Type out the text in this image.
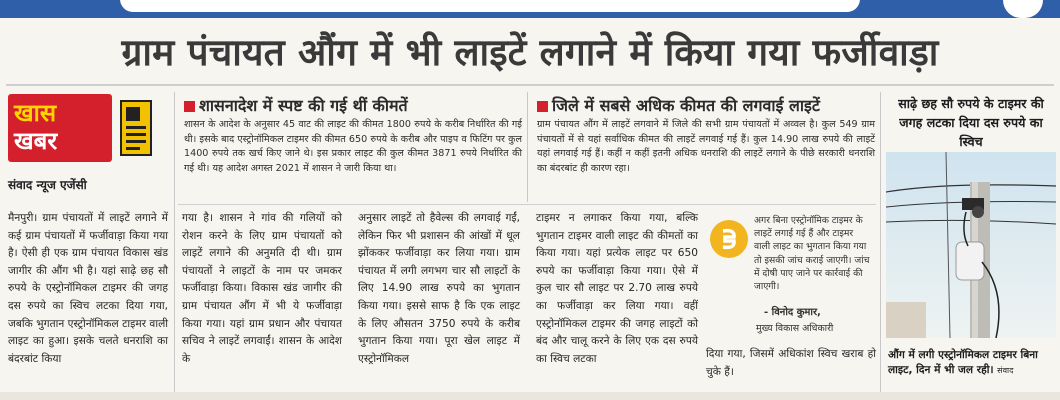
ग्राम पंचायत औंग में भी लाइटें लगाने में किया गया फर्जीवाड़ा
खास
खबर
संवाद न्यूज एजेंसी
शासनादेश में स्पष्ट की गई थीं कीमतें
शासन के आदेश के अनुसार 45 वाट की लाइट की कीमत 1800 रुपये के करीब निर्धारित की गई थी। इसके बाद एस्ट्रोनॉमिकल टाइमर की कीमत 650 रुपये के करीब और पाइप व फिटिंग पर कुल 1400 रुपये तक खर्च किए जाने थे। इस प्रकार लाइट की कुल कीमत 3871 रुपये निर्धारित की गई थी। यह आदेश अगस्त 2021 में शासन ने जारी किया था।
जिले में सबसे अधिक कीमत की लगवाई लाइटें
ग्राम पंचायत औंग में लाइटें लगवाने में जिले की सभी ग्राम पंचायतों में अव्वल है। कुल 549 ग्राम पंचायतों में से यहां सर्वाधिक कीमत की लाइटें लगवाई गई हैं। कुल 14.90 लाख रुपये की लाइटें यहां लगवाई गई हैं। कहीं न कहीं इतनी अधिक धनराशि की लाइटें लगाने के पीछे सरकारी धनराशि का बंदरबांट ही कारण रहा।
मैनपुरी। ग्राम पंचायतों में लाइटें लगाने में कई ग्राम पंचायतों में फर्जीवाड़ा किया गया है। ऐसी ही एक ग्राम पंचायत विकास खंड जागीर की औंग भी है। यहां साढ़े छह सौ रुपये के एस्ट्रोनॉमिकल टाइमर की जगह दस रुपये का स्विच लटका दिया गया, जबकि भुगतान एस्ट्रोनॉमिकल टाइमर वाली लाइट का हुआ। इसके चलते धनराशि का बंदरबांट किया
गया है। शासन ने गांव की गलियों को रोशन करने के लिए ग्राम पंचायतों को लाइटें लगाने की अनुमति दी थी। ग्राम पंचायतों ने लाइटों के नाम पर जमकर फर्जीवाड़ा किया। विकास खंड जागीर की ग्राम पंचायत औंग में भी ये फर्जीवाड़ा किया गया। यहां ग्राम प्रधान और पंचायत सचिव ने लाइटें लगवाईं। शासन के आदेश के
अनुसार लाइटें तो हैवेल्स की लगवाई गईं, लेकिन फिर भी प्रशासन की आंखों में धूल झोंककर फर्जीवाड़ा कर लिया गया। ग्राम पंचायत में लगी लगभग चार सौ लाइटों के लिए 14.90 लाख रुपये का भुगतान किया गया। इससे साफ है कि एक लाइट के लिए औसतन 3750 रुपये के करीब भुगतान किया गया। पूरा खेल लाइट में एस्ट्रोनॉमिकल
टाइमर न लगाकर किया गया, बल्कि भुगतान टाइमर वाली लाइट की कीमतों का किया गया। यहां प्रत्येक लाइट पर 650 रुपये का फर्जीवाड़ा किया गया। ऐसे में कुल चार सौ लाइट पर 2.70 लाख रुपये का फर्जीवाड़ा कर लिया गया। वहीं एस्ट्रोनॉमिकल टाइमर की जगह लाइटों को बंद और चालू करने के लिए एक दस रुपये का स्विच लटका	दिया गया, जिसमें अधिकांश स्विच खराब हो चुके हैं।
अगर बिना एस्ट्रोनॉमिक टाइमर के लाइटें लगाई गई हैं और टाइमर वाली लाइट का भुगतान किया गया तो इसकी जांच कराई जाएगी। जांच में दोषी पाए जाने पर कार्रवाई की जाएगी।
- विनोद कुमार,
मुख्य विकास अधिकारी
साढ़े छह सौ रुपये के टाइमर की जगह लटका दिया दस रुपये का स्विच
औंग में लगी एस्ट्रोनॉमिकल टाइमर बिना लाइट, दिन में भी जल रही। संवाद
